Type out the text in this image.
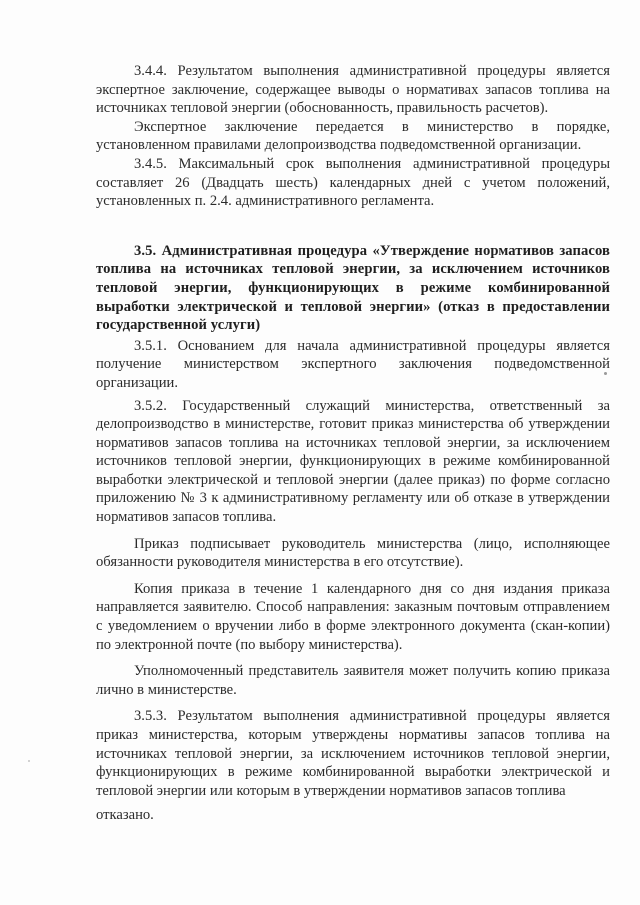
3.4.4. Результатом выполнения административной процедуры является экспертное заключение, содержащее выводы о нормативах запасов топлива на источниках тепловой энергии (обоснованность, правильность расчетов).

Экспертное заключение передается в министерство в порядке, установленном правилами делопроизводства подведомственной организации.

3.4.5. Максимальный срок выполнения административной процедуры составляет 26 (Двадцать шесть) календарных дней с учетом положений, установленных п. 2.4. административного регламента.

3.5. Административная процедура «Утверждение нормативов запасов топлива на источниках тепловой энергии, за исключением источников тепловой энергии, функционирующих в режиме комбинированной выработки электрической и тепловой энергии» (отказ в предоставлении государственной услуги)

3.5.1. Основанием для начала административной процедуры является получение министерством экспертного заключения подведомственной организации.

3.5.2. Государственный служащий министерства, ответственный за делопроизводство в министерстве, готовит приказ министерства об утверждении нормативов запасов топлива на источниках тепловой энергии, за исключением источников тепловой энергии, функционирующих в режиме комбинированной выработки электрической и тепловой энергии (далее приказ) по форме согласно приложению № 3 к административному регламенту или об отказе в утверждении нормативов запасов топлива.

Приказ подписывает руководитель министерства (лицо, исполняющее обязанности руководителя министерства в его отсутствие).

Копия приказа в течение 1 календарного дня со дня издания приказа направляется заявителю. Способ направления: заказным почтовым отправлением с уведомлением о вручении либо в форме электронного документа (скан-копии) по электронной почте (по выбору министерства).

Уполномоченный представитель заявителя может получить копию приказа лично в министерстве.

3.5.3. Результатом выполнения административной процедуры является приказ министерства, которым утверждены нормативы запасов топлива на источниках тепловой энергии, за исключением источников тепловой энергии, функционирующих в режиме комбинированной выработки электрической и тепловой энергии или которым в утверждении нормативов запасов топлива

отказано.
